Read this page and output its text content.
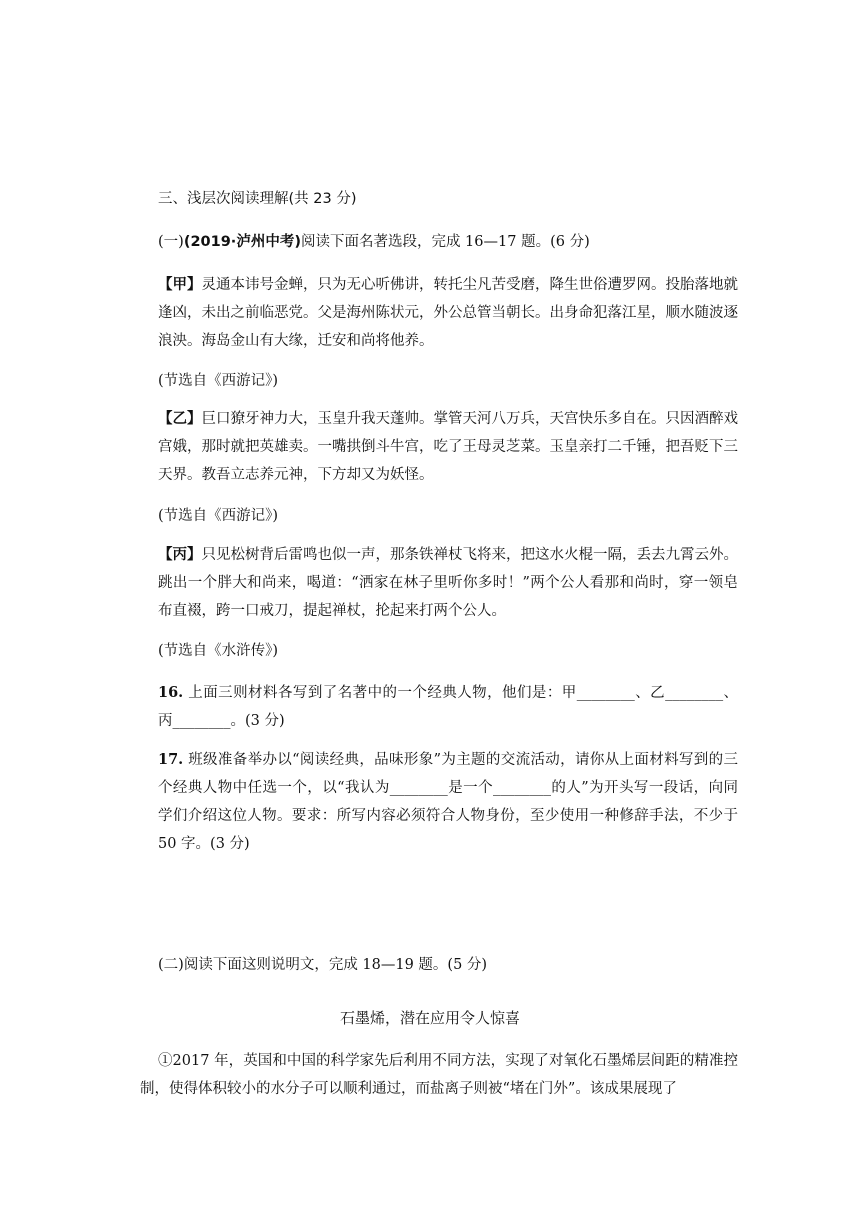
三、浅层次阅读理解(共 23 分)
(一)(2019·泸州中考)阅读下面名著选段，完成 16—17 题。(6 分)
【甲】灵通本讳号金蝉，只为无心听佛讲，转托尘凡苦受磨，降生世俗遭罗网。投胎落地就逢凶，未出之前临恶党。父是海州陈状元，外公总管当朝长。出身命犯落江星，顺水随波逐浪泱。海岛金山有大缘，迁安和尚将他养。
(节选自《西游记》)
【乙】巨口獠牙神力大，玉皇升我天蓬帅。掌管天河八万兵，天宫快乐多自在。只因酒醉戏宫娥，那时就把英雄卖。一嘴拱倒斗牛宫，吃了王母灵芝菜。玉皇亲打二千锤，把吾贬下三天界。教吾立志养元神，下方却又为妖怪。
(节选自《西游记》)
【丙】只见松树背后雷鸣也似一声，那条铁禅杖飞将来，把这水火棍一隔，丢去九霄云外。跳出一个胖大和尚来，喝道：“洒家在林子里听你多时！”两个公人看那和尚时，穿一领皂布直裰，跨一口戒刀，提起禅杖，抡起来打两个公人。
(节选自《水浒传》)
16. 上面三则材料各写到了名著中的一个经典人物，他们是：甲________、乙________、丙________。(3 分)
17. 班级准备举办以“阅读经典，品味形象”为主题的交流活动，请你从上面材料写到的三个经典人物中任选一个，以“我认为________是一个________的人”为开头写一段话，向同学们介绍这位人物。要求：所写内容必须符合人物身份，至少使用一种修辞手法，不少于 50 字。(3 分)
(二)阅读下面这则说明文，完成 18—19 题。(5 分)
石墨烯，潜在应用令人惊喜
①2017 年，英国和中国的科学家先后利用不同方法，实现了对氧化石墨烯层间距的精准控制，使得体积较小的水分子可以顺利通过，而盐离子则被“堵在门外”。该成果展现了
